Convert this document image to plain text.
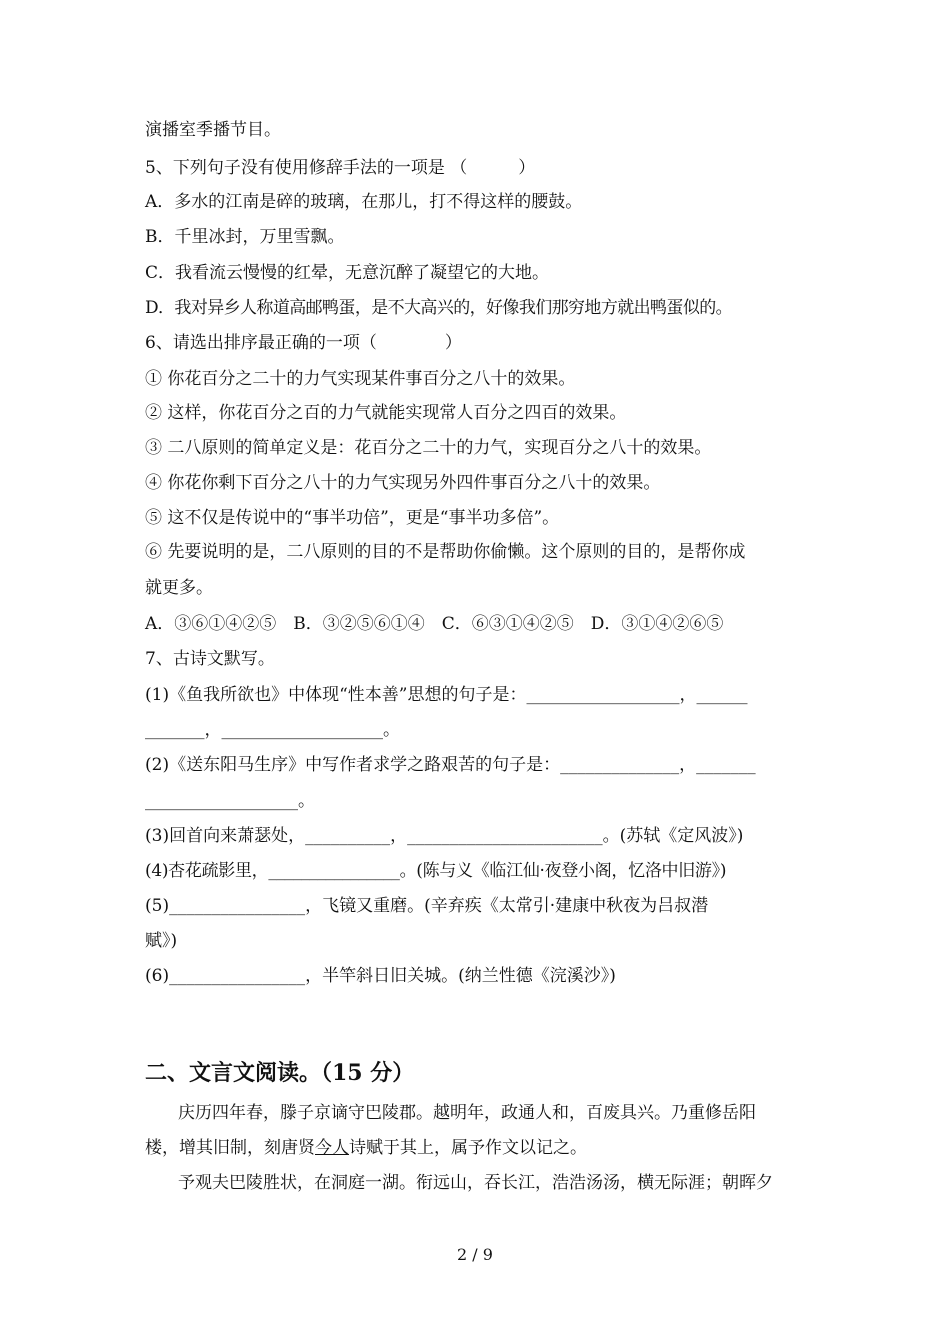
演播室季播节目。
5、下列句子没有使用修辞手法的一项是 （　　　）
A．多水的江南是碎的玻璃，在那儿，打不得这样的腰鼓。
B．千里冰封，万里雪飘。
C．我看流云慢慢的红晕，无意沉醉了凝望它的大地。
D．我对异乡人称道高邮鸭蛋，是不大高兴的，好像我们那穷地方就出鸭蛋似的。
6、请选出排序最正确的一项（　　　　）
① 你花百分之二十的力气实现某件事百分之八十的效果。
② 这样，你花百分之百的力气就能实现常人百分之四百的效果。
③ 二八原则的简单定义是：花百分之二十的力气，实现百分之八十的效果。
④ 你花你剩下百分之八十的力气实现另外四件事百分之八十的效果。
⑤ 这不仅是传说中的“事半功倍”，更是“事半功多倍”。
⑥ 先要说明的是，二八原则的目的不是帮助你偷懒。这个原则的目的，是帮你成
就更多。
A．③⑥①④②⑤　B．③②⑤⑥①④　C．⑥③①④②⑤　D．③①④②⑥⑤
7、古诗文默写。
(1)《鱼我所欲也》中体现“性本善”思想的句子是：__________________，______
_______，___________________。
(2)《送东阳马生序》中写作者求学之路艰苦的句子是：______________，_______
__________________。
(3)回首向来萧瑟处，__________，_______________________。(苏轼《定风波》)
(4)杏花疏影里，________________。(陈与义《临江仙·夜登小阁，忆洛中旧游》)
(5)________________，飞镜又重磨。(辛弃疾《太常引·建康中秋夜为吕叔潜
赋》)
(6)________________，半竿斜日旧关城。(纳兰性德《浣溪沙》)
二、文言文阅读。（15 分）
庆历四年春，滕子京谪守巴陵郡。越明年，政通人和，百废具兴。乃重修岳阳
楼，增其旧制，刻唐贤今人诗赋于其上，属予作文以记之。
予观夫巴陵胜状，在洞庭一湖。衔远山，吞长江，浩浩汤汤，横无际涯；朝晖夕
2 / 9
